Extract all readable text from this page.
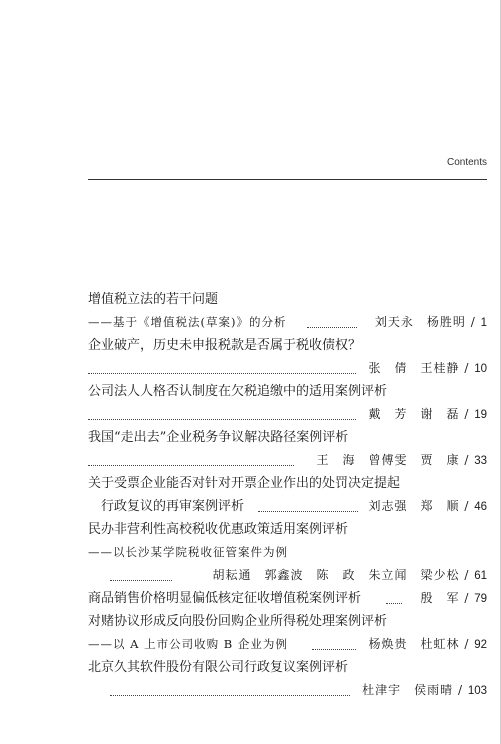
Contents
增值税立法的若干问题
——基于《增值税法(草案)》的分析	刘天永　杨胜明 / 1
企业破产，历史未申报税款是否属于税收债权？
张　倩　王桂静 / 10
公司法人人格否认制度在欠税追缴中的适用案例评析
戴　芳　谢　磊 / 19
我国“走出去”企业税务争议解决路径案例评析
王　海　曾傅雯　贾　康 / 33
关于受票企业能否对针对开票企业作出的处罚决定提起
行政复议的再审案例评析	刘志强　郑　顺 / 46
民办非营利性高校税收优惠政策适用案例评析
——以长沙某学院税收征管案件为例
胡耘通　郭鑫波　陈　政　朱立闻　梁少松 / 61
商品销售价格明显偏低核定征收增值税案例评析	殷　军 / 79
对赌协议形成反向股份回购企业所得税处理案例评析
——以 A 上市公司收购 B 企业为例	杨焕贵　杜虹林 / 92
北京久其软件股份有限公司行政复议案例评析
杜津宇　侯雨晴 / 103
